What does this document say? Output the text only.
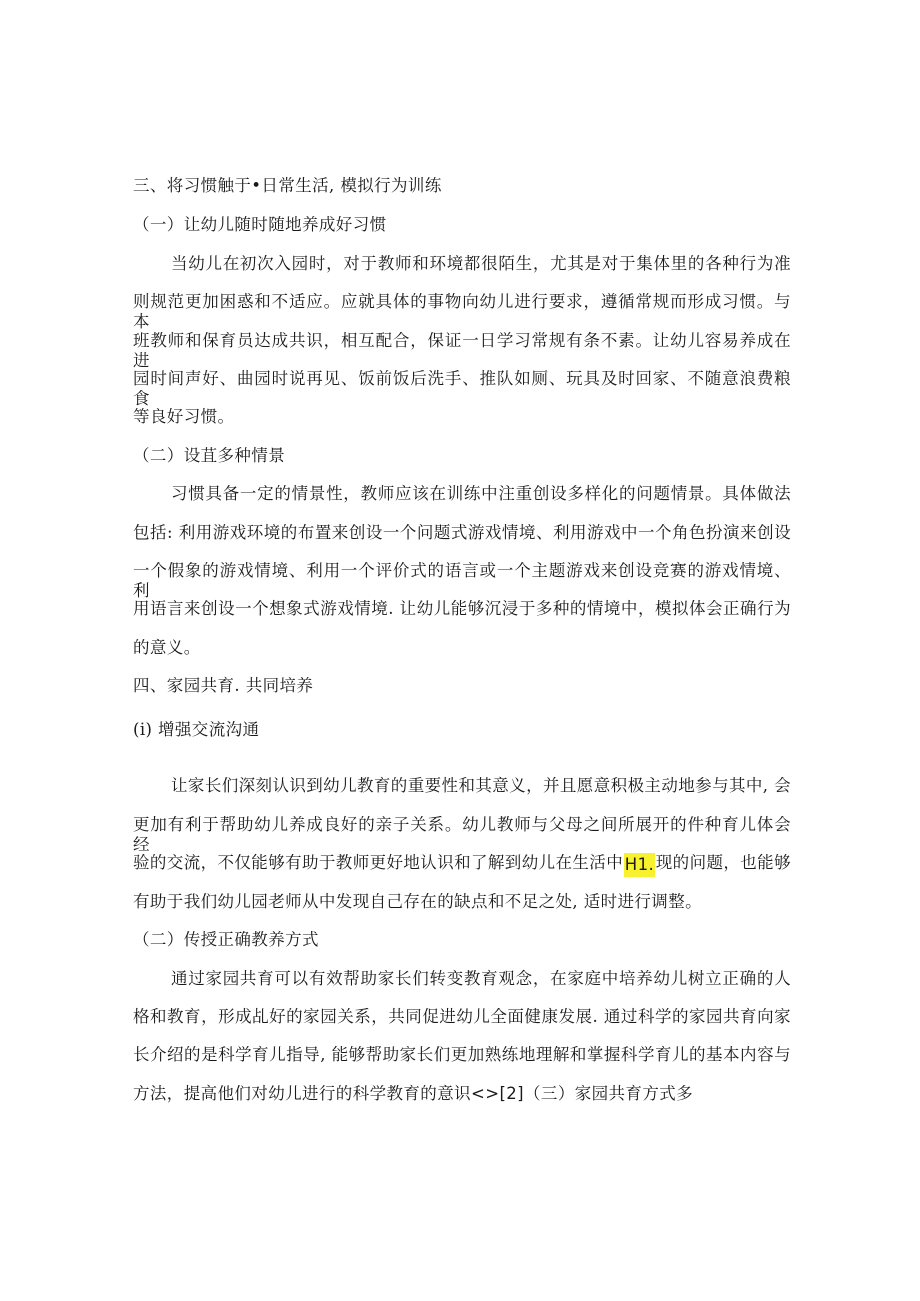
三、将习惯触于•日常生活, 模拟行为训练
（一）让幼儿随时随地养成好习惯
当幼儿在初次入园时，对于教师和环境都很陌生，尤其是对于集体里的各种行为准
则规范更加困惑和不适应。应就具体的事物向幼儿进行要求，遵循常规而形成习惯。与本
班教师和保育员达成共识，相互配合，保证一日学习常规有条不素。让幼儿容易养成在进
园时间声好、曲园时说再见、饭前饭后洗手、推队如厕、玩具及时回家、不随意浪费粮食
等良好习惯。
（二）设苴多种情景
习惯具备一定的情景性，教师应该在训练中注重创设多样化的问题情景。具体做法
包括: 利用游戏环境的布置来创设一个问题式游戏情境、利用游戏中一个角色扮演来创设
一个假象的游戏情境、利用一个评价式的语言或一个主题游戏来创设竞赛的游戏情境、利
用语言来创设一个想象式游戏情境. 让幼儿能够沉浸于多种的情境中，模拟体会正确行为
的意义。
四、家园共育. 共同培养
(i) 增强交流沟通
让家长们深刻认识到幼儿教育的重要性和其意义，并且愿意积极主动地参与其中, 会
更加有利于帮助幼儿养成良好的亲子关系。幼儿教师与父母之间所展开的件种育儿体会经
验的交流，不仅能够有助于教师更好地认识和了解到幼儿在生活中 H1. 现的问题，也能够
有助于我们幼儿园老师从中发现自己存在的缺点和不足之处, 适时进行调整。
（二）传授正确教养方式
通过家园共育可以有效帮助家长们转变教育观念，在家庭中培养幼儿树立正确的人
格和教育，形成乩好的家园关系，共同促进幼儿全面健康发展. 通过科学的家园共育向家
长介绍的是科学育儿指导, 能够帮助家长们更加熟练地理解和掌握科学育儿的基本内容与
方法，提高他们对幼儿进行的科学教育的意识<>[2]（三）家园共育方式多
